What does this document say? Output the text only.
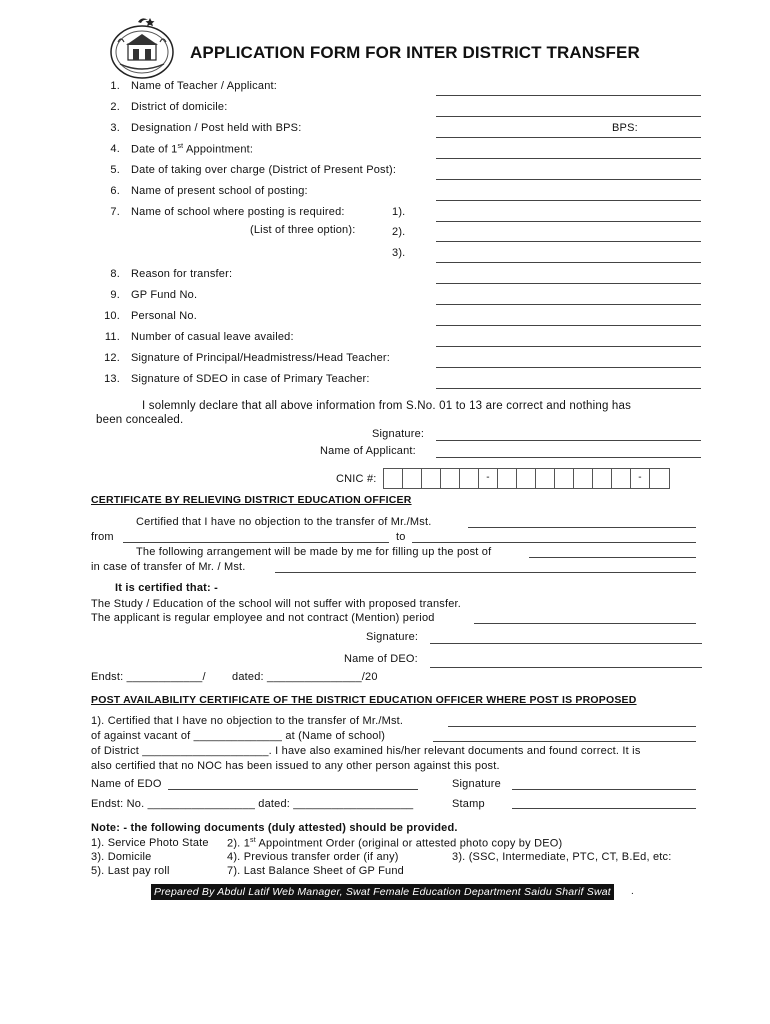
APPLICATION FORM FOR INTER DISTRICT TRANSFER
1. Name of Teacher / Applicant:
2. District of domicile:
3. Designation / Post held with BPS:	BPS:
4. Date of 1st Appointment:
5. Date of taking over charge (District of Present Post):
6. Name of present school of posting:
7. Name of school where posting is required:	1).
(List of three option):	2).
3).
8. Reason for transfer:
9. GP Fund No.
10. Personal No.
11. Number of casual leave availed:
12. Signature of Principal/Headmistress/Head Teacher:
13. Signature of SDEO in case of Primary Teacher:
I solemnly declare that all above information from S.No. 01 to 13 are correct and nothing has
been concealed.
Signature:
Name of Applicant:
CNIC #:	-	-
CERTIFICATE BY RELIEVING DISTRICT EDUCATION OFFICER
Certified that I have no objection to the transfer of Mr./Mst.
from	to
The following arrangement will be made by me for filling up the post of
in case of transfer of Mr. / Mst.
It is certified that: -
The Study / Education of the school will not suffer with proposed transfer.
The applicant is regular employee and not contract (Mention) period
Signature:
Name of DEO:
Endst: ____________/ dated: _______________/20
POST AVAILABILITY CERTIFICATE OF THE DISTRICT EDUCATION OFFICER WHERE POST IS PROPOSED
1). Certified that I have no objection to the transfer of Mr./Mst.
of against vacant of ______________ at (Name of school)
of District ____________________. I have also examined his/her relevant documents and found correct. It is
also certified that no NOC has been issued to any other person against this post.
Name of EDO	Signature
Endst: No. _________________ dated: ___________________	Stamp
Note: - the following documents (duly attested) should be provided.
1). Service Photo State 2). 1st Appointment Order (original or attested photo copy by DEO)
3). Domicile	4). Previous transfer order (if any)	3). (SSC, Intermediate, PTC, CT, B.Ed, etc:
5). Last pay roll	7). Last Balance Sheet of GP Fund
Prepared By Abdul Latif Web Manager, Swat Female Education Department Saidu Sharif Swat	.
